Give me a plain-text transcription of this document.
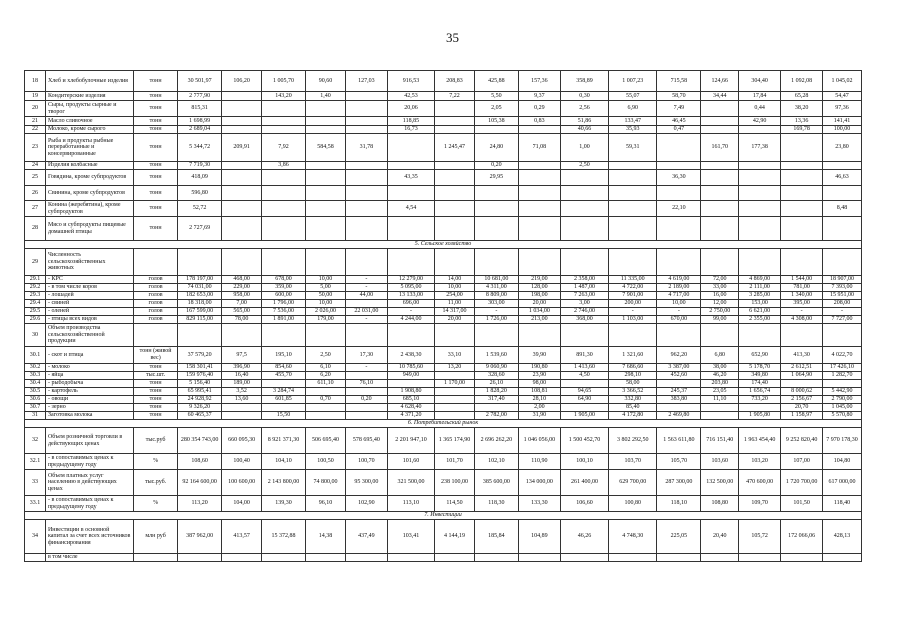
35
18	Хлеб и хлебобулочные изделия	тонн	30 501,97	106,20	1 005,70	90,60	127,03	916,53	208,83	425,88	157,36	358,89	1 007,23	715,58	124,66	304,40	1 092,08	1 045,02
19	Кондитерские изделия	тонн	2 777,90		143,20	1,40		42,53	7,22	5,50	9,37	0,30	55,07	58,70	34,44	17,84	65,28	54,47
20	Сыры, продукты сырные и творог	тонн	815,31					20,06		2,05	0,29	2,56	6,90	7,49		0,44	38,20	97,36
21	Масло сливочное	тонн	1 698,99					118,85		105,38	0,83	51,86	133,47	46,45		42,90	13,36	141,41
22	Молоко, кроме сырого	тонн	2 689,04					16,73				40,66	35,93	0,47			169,78	100,00
23	Рыба и продукты рыбные переработанные и консервированные	тонн	5 344,72	209,91	7,92	584,58	31,78		1 245,47	24,80	71,08	1,00	59,31		161,70	177,38		23,80
24	Изделия колбасные	тонн	7 719,30		3,86					0,20		2,50						
25	Говядина, кроме субпродуктов	тонн	418,09					43,35		29,95				36,30				46,63
26	Свинина, кроме субпродуктов	тонн	596,80															
27	Конина (жеребятина), кроме субпродуктов	тонн	52,72					4,54						22,10				8,48
28	Мясо и субпродукты пищевые домашней птицы	тонн	2 727,69															
5. Сельское хозяйство																		
29	Численность сельскохозяйственных животных																	
29.1	- КРС	голов	178 197,00	468,00	678,00	10,00	-	12 279,00	14,00	10 681,00	219,00	2 358,00	11 335,00	4 619,00	72,00	4 869,00	1 544,00	18 907,00
29.2	- в том числе коров	голов	74 031,00	229,00	359,00	5,00	-	5 095,00	10,00	4 311,00	128,00	1 487,00	4 722,00	2 189,00	33,00	2 111,00	781,00	7 393,00
29.3	- лошадей	голов	182 653,00	958,00	600,00	50,00	44,00	13 133,00	254,00	8 809,00	198,00	7 263,00	7 901,00	4 717,00	16,00	3 285,00	1 340,00	15 951,00
29.4	- свиней	голов	18 318,00	7,00	1 796,00	10,00		696,00	11,00	303,00	20,00	3,00	200,00	10,00	12,00	153,00	395,00	208,00
29.5	- оленей	голов	167 599,00	565,00	7 536,00	2 026,00	22 031,00	-	14 317,00	-	1 034,00	2 746,00	-	-	2 750,00	6 621,00	-	-
29.6	- птицы всех видов	голов	829 115,00	78,00	1 891,00	179,00	-	4 244,00	20,00	1 726,00	213,00	368,00	1 103,00	670,00	99,00	2 355,00	4 308,00	7 727,00
30	Объем производства сельскохозяйственной продукции																	
30.1	- скот и птица	тонн (живой вес)	37 579,20	97,5	195,10	2,50	17,30	2 438,30	33,10	1 539,60	39,90	891,30	1 321,60	962,20	6,80	652,90	413,30	4 022,70
30.2	- молоко	тонн	158 301,41	396,90	854,60	6,10	-	10 785,60	13,20	9 060,90	190,80	1 413,60	7 686,60	3 387,00	38,00	5 178,70	2 612,51	17 426,10
30.3	- яйца	тыс.шт.	159 976,40	16,40	455,70	6,20		949,00		328,60	23,90	4,50	298,10	452,60	46,20	349,80	1 064,90	1 282,70
30.4	- рыбодобыча	тонн	5 156,40	189,00		611,10	76,10		1 170,00	26,10	98,00		58,00		203,80	174,40		
30.5	- картофель	тонн	65 995,41	3,52	3 284,74			1 908,80		1 828,20	108,81	94,65	3 366,52	245,37	23,05	1 656,74	8 000,62	5 442,90
30.6	- овощи	тонн	24 928,92	13,60	601,85	0,70	0,20	685,10		317,40	28,10	64,90	332,80	383,80	11,10	733,20	2 156,67	2 790,00
30.7	- зерно	тонн	9 326,20					4 628,40			2,00		85,40				20,70	1 045,00
31	Заготовка молока	тонн	60 465,37		15,50			4 371,20		2 782,00	31,90	1 905,00	4 172,80	2 469,80		1 905,80	1 158,97	5 570,80
6. Потребительский рынок																		
32	Объем розничной торговли в действующих ценах	тыс.руб	280 354 743,00	660 095,30	8 921 371,30	506 695,40	578 695,40	2 201 947,10	1 365 174,90	2 696 262,20	1 046 056,00	1 500 452,70	3 802 292,50	1 563 611,80	716 151,40	1 963 454,40	9 252 820,40	7 970 178,30
32.1	- в сопоставимых ценах к предыдущему году	%	108,60	100,40	104,10	100,50	100,70	101,60	101,70	102,10	110,90	100,10	103,70	105,70	103,60	103,20	107,00	104,80
33	Объем платных услуг населению в действующих ценах	тыс.руб.	92 164 600,00	100 600,00	2 143 800,00	74 800,00	95 300,00	321 500,00	238 100,00	385 600,00	134 000,00	261 400,00	629 700,00	287 300,00	132 500,00	470 600,00	1 720 700,00	617 000,00
33.1	- в сопоставимых ценах к предыдущему году	%	113,20	104,00	139,30	96,10	102,90	113,10	114,50	118,30	133,30	106,60	100,80	118,10	108,80	109,70	101,50	118,40
7. Инвестиции																		
34	Инвестиции в основной капитал за счет всех источников финансирования	млн руб	387 962,00	413,57	15 372,88	14,38	437,49	103,41	4 144,19	185,84	104,89	46,26	4 748,30	225,05	20,40	105,72	172 066,06	428,13
	в том числе																	
